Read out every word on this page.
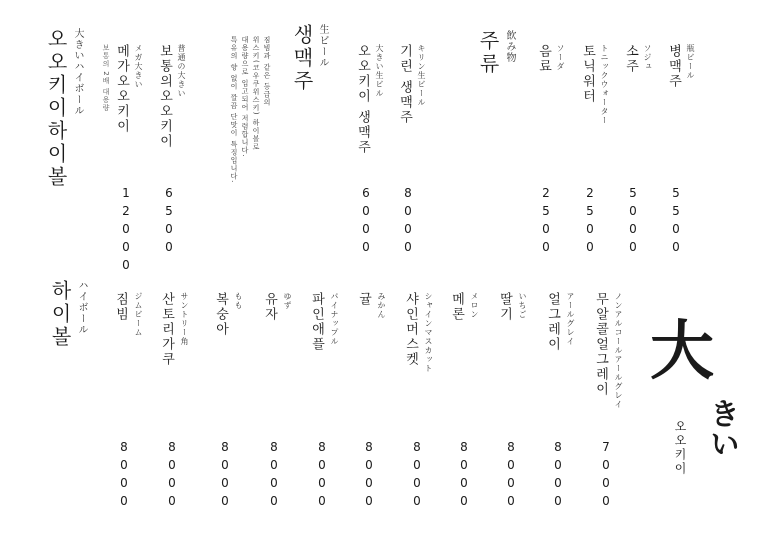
瓶ビール
병맥주
5500
ソジュ
소주
5000
トニックウォーター
토닉워터
2500
ソーダ
음료
2500
飲み物
주류
キリン生ビール
기린 생맥주
8000
大きい生ビル
오오키이 생맥주
6000
生ビール
생맥주
짐빔과 같은 등급의
위스키(코우쿠위스키) 하이볼로
대용량으로 입고되어 저렴합니다.
특유의 향 없이 깔끔 단맛이 특징입니다.
普通の大きい
보통의오오키이
6500
メガ大きい
메가오오키이
보통의 2배 대용량
12000
大きいハイボール
오오키이하이볼
ノンアルコールアールグレイ
무알콜얼그레이
7000
アールグレイ
얼그레이
8000
いちご
딸기
8000
メロン
메론
8000
シャインマスカット
샤인머스켓
8000
みかん
귤
8000
パイナップル
파인애플
8000
ゆず
유자
8000
もも
복숭아
8000
サントリー角
산토리가쿠
8000
ジムビーム
짐빔
8000
ハイボール
하이볼	大
きい
오오키이
